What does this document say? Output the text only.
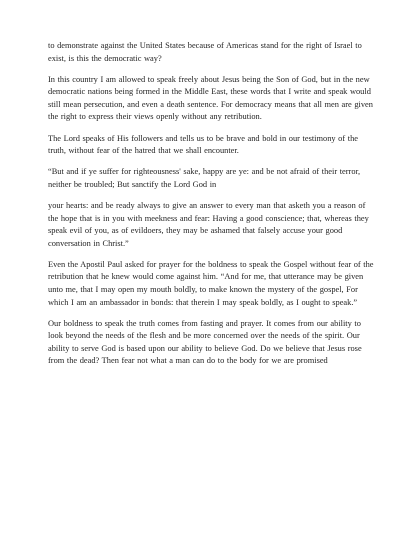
to demonstrate against the United States because of Americas stand for the right of Israel to exist, is this the democratic way?

In this country I am allowed to speak freely about Jesus being the Son of God, but in the new democratic nations being formed in the Middle East, these words that I write and speak would still mean persecution, and even a death sentence. For democracy means that all men are given the right to express their views openly without any retribution.

The Lord speaks of His followers and tells us to be brave and bold in our testimony of the truth, without fear of the hatred that we shall encounter.

“But and if ye suffer for righteousness' sake, happy are ye: and be not afraid of their terror, neither be troubled; But sanctify the Lord God in

your hearts: and be ready always to give an answer to every man that asketh you a reason of the hope that is in you with meekness and fear: Having a good conscience; that, whereas they speak evil of you, as of evildoers, they may be ashamed that falsely accuse your good conversation in Christ.”

Even the Apostil Paul asked for prayer for the boldness to speak the Gospel without fear of the retribution that he knew would come against him. “And for me, that utterance may be given unto me, that I may open my mouth boldly, to make known the mystery of the gospel, For which I am an ambassador in bonds: that therein I may speak boldly, as I ought to speak.”

Our boldness to speak the truth comes from fasting and prayer. It comes from our ability to look beyond the needs of the flesh and be more concerned over the needs of the spirit. Our ability to serve God is based upon our ability to believe God. Do we believe that Jesus rose from the dead? Then fear not what a man can do to the body for we are promised
